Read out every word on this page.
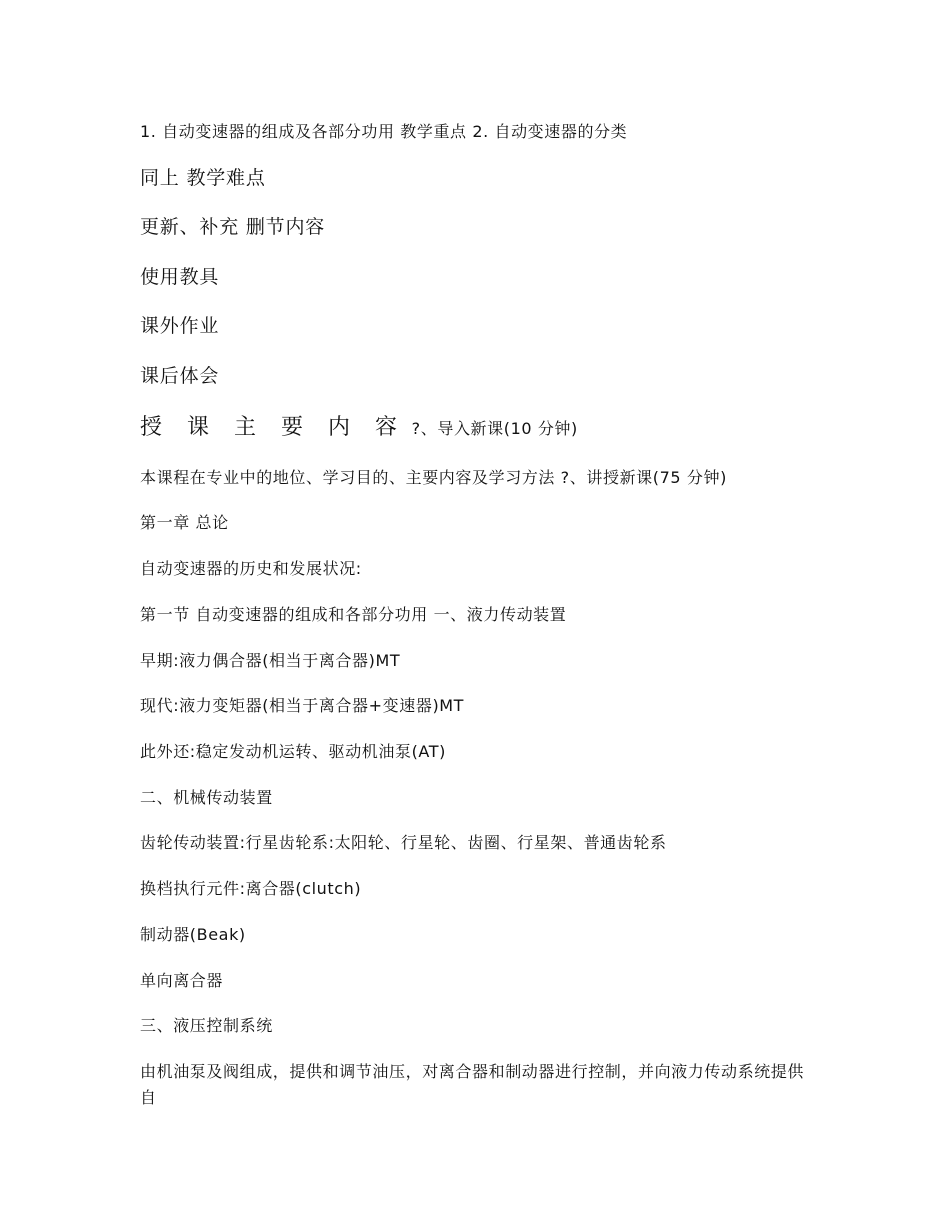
1. 自动变速器的组成及各部分功用 教学重点 2. 自动变速器的分类
同上 教学难点
更新、补充 删节内容
使用教具
课外作业
课后体会
授 课 主 要 内 容 ?、导入新课(10 分钟)
本课程在专业中的地位、学习目的、主要内容及学习方法 ?、讲授新课(75 分钟)
第一章 总论
自动变速器的历史和发展状况:
第一节 自动变速器的组成和各部分功用 一、液力传动装置
早期:液力偶合器(相当于离合器)MT
现代:液力变矩器(相当于离合器+变速器)MT
此外还:稳定发动机运转、驱动机油泵(AT)
二、机械传动装置
齿轮传动装置:行星齿轮系:太阳轮、行星轮、齿圈、行星架、普通齿轮系
换档执行元件:离合器(clutch)
制动器(Beak)
单向离合器
三、液压控制系统
由机油泵及阀组成，提供和调节油压，对离合器和制动器进行控制，并向液力传动系统提供自
